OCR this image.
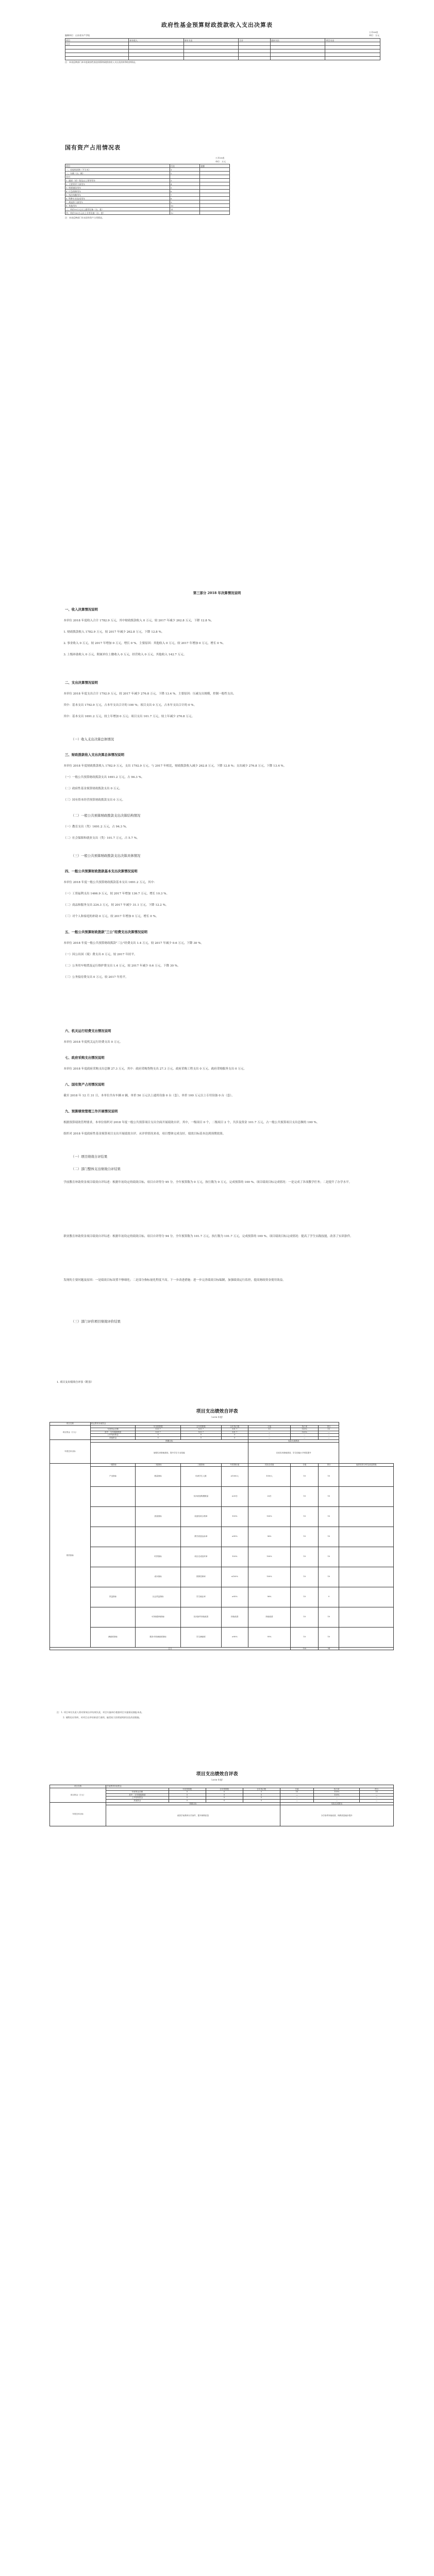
政府性基金预算财政拨款收入支出决算表
公开08表
编制单位：山东省水产学校	单位：万元
项目	本年收入	本年支出	合计	基本支出	项目支出
合计					

注：本表反映部门本年度政府性基金预算财政拨款收入支出及结转和结余情况。
国有资产占用情况表
公开09表
单位：万元
项目	行次	金额
一、房屋构筑物（平方米）	1	
二、车辆（台、辆）	2	
其中：		
1. 副部（省）级及以上领导用车	3	
2. 主要领导干部用车	4	
3. 机要通信用车	5	
4. 应急保障用车	6	
5. 执法执勤用车	7	
6. 特种专业技术用车	8	
7. 离退休干部用车	9	
8. 其他用车	10	
三、单价50万元以上通用设备（台、套）	11	
四、单价100万元以上专用设备（台、套）	12	
注：本表反映部门年末国有资产占用情况。
第三部分 2018 年决算情况说明
一、收入决算情况说明
二、支出决算情况说明
三、财政拨款收入支出决算总体情况说明
四、一般公共预算财政拨款基本支出决算情况说明
五、一般公共预算财政拨款"三公"经费支出决算情况说明
六、机关运行经费支出情况说明
七、政府采购支出情况说明
八、国有资产占用情况说明
九、预算绩效管理工作开展情况说明
（一）收入支出决算总体情况
（二）一般公共预算财政拨款支出决算结构情况
（三）一般公共预算财政拨款支出决算具体情况
（一）项目绩效自评结果
（二）部门整体支出绩效自评结果
（三）部门评价项目绩效评价结果
本单位 2018 年度收入合计 1782.9 万元，其中财政拨款收入 0 万元，较 2017 年减少 262.8 万元，下降 12.8 %。
1. 财政拨款收入 1782.9 万元，较 2017 年减少 262.8 万元，下降 12.8 %。
2. 事业收入 0 万元，较 2017 年增加 0 万元，增长 0 %。主要原因：其他收入 0 万元，较 2017 年增加 0 万元，增长 0 %。
3. 上级补助收入 0 万元，附属单位上缴收入 0 万元，经营收入 0 万元，其他收入 142.7 万元。
本单位 2018 年度支出合计 1792.9 万元，较 2017 年减少 276.8 万元，下降 13.4 %。主要原因：压减支出规模，控制一般性支出。
其中：基本支出 1792.9 万元，占本年支出合计的 100 %；项目支出 0 万元，占本年支出合计的 0 %。
其中：基本支出 1691.2 万元，较上年增加 0 万元；项目支出 101.7 万元，较上年减少 276.8 万元。
本单位 2018 年度财政拨款收入 1782.9 万元，支出 1792.9 万元。与 2017 年相比，财政拨款收入减少 262.8 万元，下降 12.8 %；支出减少 276.8 万元，下降 13.4 %。
（一）一般公共预算财政拨款支出 1691.2 万元，占 94.3 %。
（二）政府性基金预算财政拨款支出 0 万元。
（三）国有资本经营预算财政拨款支出 0 万元。
（一）教育支出（类）1691.2 万元，占 94.3 %。
（二）社会保障和就业支出（类）101.7 万元，占 5.7 %。
本单位 2018 年度一般公共预算财政拨款基本支出 1691.2 万元，其中：
（一）工资福利支出 1466.9 万元，较 2017 年增加 136.7 万元，增长 10.3 %。
（二）商品和服务支出 224.3 万元，较 2017 年减少 31.1 万元，下降 12.2 %。
（三）对个人和家庭的补助 0 万元，较 2017 年增加 0 万元，增长 0 %。
本单位 2018 年度一般公共预算财政拨款"三公"经费支出 1.4 万元，较 2017 年减少 0.6 万元，下降 30 %。
（一）因公出国（境）费支出 0 万元，较 2017 年持平。
（二）公务用车购置及运行维护费支出 1.4 万元，较 2017 年减少 0.6 万元，下降 30 %。
（三）公务接待费支出 0 万元，较 2017 年持平。
本单位 2018 年度机关运行经费支出 0 万元。
本单位 2018 年度政府采购支出总额 27.3 万元，其中：政府采购货物支出 27.3 万元、政府采购工程支出 0 万元、政府采购服务支出 0 万元。
截至 2018 年 12 月 31 日，本单位共有车辆 0 辆，单价 50 万元以上通用设备 0 台（套），单价 100 万元以上专用设备 0 台（套）。
根据预算绩效管理要求，本单位组织对 2018 年度一般公共预算项目支出全面开展绩效自评，其中，一级项目 0 个，二级项目 2 个，共涉及资金 101.7 万元，占一般公共预算项目支出总额的 100 %。
组织对 2018 年度政府性基金预算项目支出开展绩效自评。从评价情况来看，项目整体完成良好，绩效目标基本达到预期效果。
学前教育补助资金项目绩效自评综述：根据年初设定的绩效目标，项目自评得分 95 分。全年预算数为 0 万元，执行数为 0 万元，完成预算的 100 %。项目绩效目标完成情况：一是完成了各项教学任务；二是提升了办学水平。
职业教育补助资金项目绩效自评综述：根据年初设定的绩效目标，项目自评得分 94 分。全年预算数为 101.7 万元，执行数为 101.7 万元，完成预算的 100 %。项目绩效目标完成情况：提高了学生实践技能，改善了实训条件。
发现的主要问题及原因：一是绩效目标设置不够细化；二是部分指标量化程度不高。下一步改进措施：进一步完善绩效目标编制，加强绩效运行监控，提高财政资金使用效益。
1. 项目支出绩效自评表（附表）
项目支出绩效自评表
（2018 年度）
项目名称	职业教育补助资金							
项目资金（万元）		年初预算数	全年预算数	全年执行数	分值	执行率	得分	
	年度资金总额	101.7	101.7	101.7	10	100%	10	
	其中：当年财政拨款	101.7	101.7	101.7	—	100%	—	
	上年结转资金	0	0	0	—	—	—	
	其他资金	0	0	0	—	—	—	
年度总体目标	预期目标				实际完成情况			
	加强实训基地建设，提升学生专业技能				完成实训基地建设，学生技能水平明显提升			
绩效指标	一级指标	二级指标	三级指标	年度指标值	实际完成值	分值	得分	偏差原因分析及改进措施
	产出指标	数量指标	培训学生人数	≥1000人	1050人	10	10	
			实训设备购置数量	≥20台	20台	10	10	
		质量指标	设备验收合格率	100%	100%	10	10	
			教学质量达标率	≥95%	96%	10	10	
		时效指标	项目完成及时率	100%	100%	10	10	
		成本指标	预算控制率	≤100%	100%	10	10	
	效益指标	社会效益指标	学生就业率	≥95%	96%	10	9	
		可持续影响指标	实训条件持续改善	持续改善	持续改善	10	10	
	满意度指标	服务对象满意度指标	学生满意度	≥90%	95%	10	10	
总分						100	94	
注：1. 项目单位负责人须对绩效自评结果负责，项目实施单位根据项目实施情况填报本表。
2. 请附佐证资料，对项目自评结果进行说明，偏差较大的须说明原因及改进措施。
项目支出绩效自评表
（2018 年度）
项目名称	学前教育补助资金						
项目资金（万元）		年初预算数	全年预算数	全年执行数	分值	执行率	得分
	年度资金总额	0	0	0	10	100%	10
	其中：当年财政拨款	0	0	0	—	100%	—
	上年结转资金	0	0	0	—	—	—
	其他资金	0	0	0	—	—	—
年度总体目标	预期目标				实际完成情况		
	改善学前教育办学条件，提升保教质量				办学条件持续改善，保教质量稳步提升		
